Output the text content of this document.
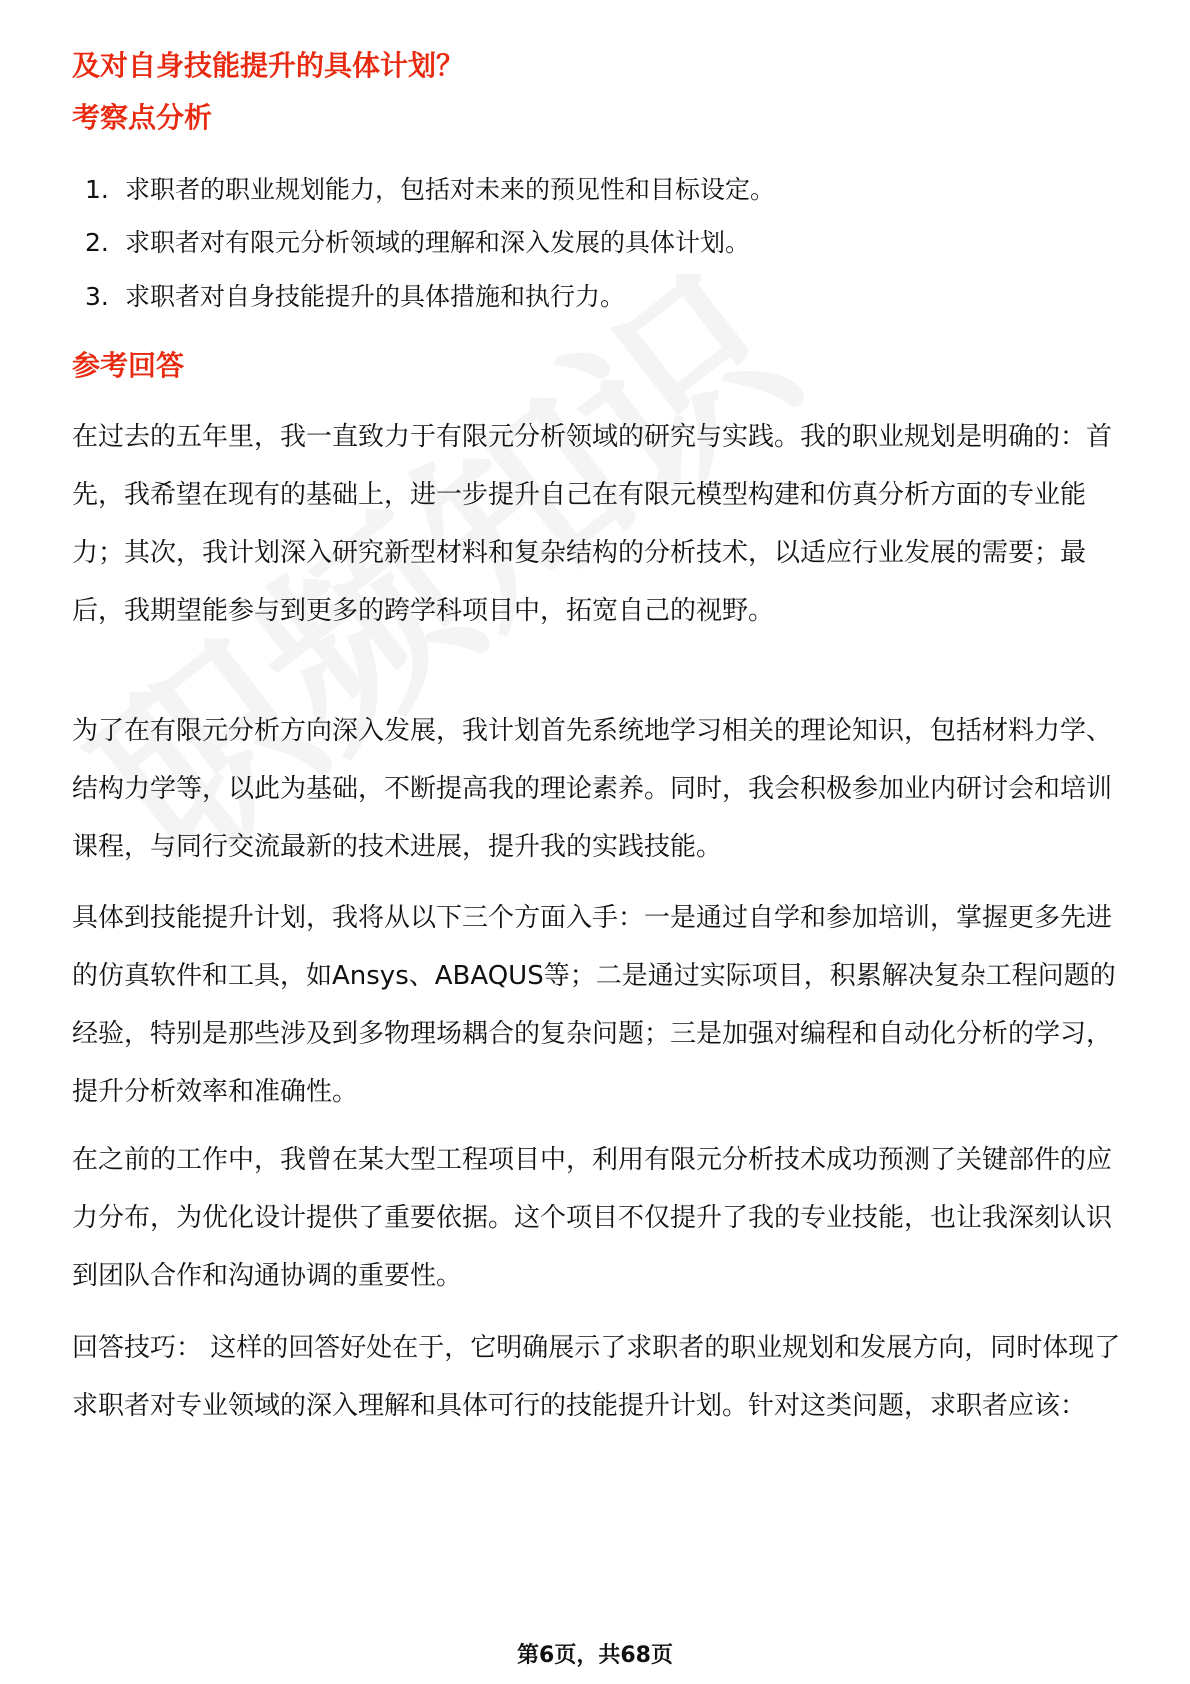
及对自身技能提升的具体计划？
考察点分析
1. 求职者的职业规划能力，包括对未来的预见性和目标设定。
2. 求职者对有限元分析领域的理解和深入发展的具体计划。
3. 求职者对自身技能提升的具体措施和执行力。
参考回答
在过去的五年里，我一直致力于有限元分析领域的研究与实践。我的职业规划是明确的：首先，我希望在现有的基础上，进一步提升自己在有限元模型构建和仿真分析方面的专业能力；其次，我计划深入研究新型材料和复杂结构的分析技术，以适应行业发展的需要；最后，我期望能参与到更多的跨学科项目中，拓宽自己的视野。
为了在有限元分析方向深入发展，我计划首先系统地学习相关的理论知识，包括材料力学、结构力学等，以此为基础，不断提高我的理论素养。同时，我会积极参加业内研讨会和培训课程，与同行交流最新的技术进展，提升我的实践技能。
具体到技能提升计划，我将从以下三个方面入手：一是通过自学和参加培训，掌握更多先进的仿真软件和工具，如Ansys、ABAQUS等；二是通过实际项目，积累解决复杂工程问题的经验，特别是那些涉及到多物理场耦合的复杂问题；三是加强对编程和自动化分析的学习，提升分析效率和准确性。
在之前的工作中，我曾在某大型工程项目中，利用有限元分析技术成功预测了关键部件的应力分布，为优化设计提供了重要依据。这个项目不仅提升了我的专业技能，也让我深刻认识到团队合作和沟通协调的重要性。
回答技巧： 这样的回答好处在于，它明确展示了求职者的职业规划和发展方向，同时体现了求职者对专业领域的深入理解和具体可行的技能提升计划。针对这类问题，求职者应该：
第6页，共68页
